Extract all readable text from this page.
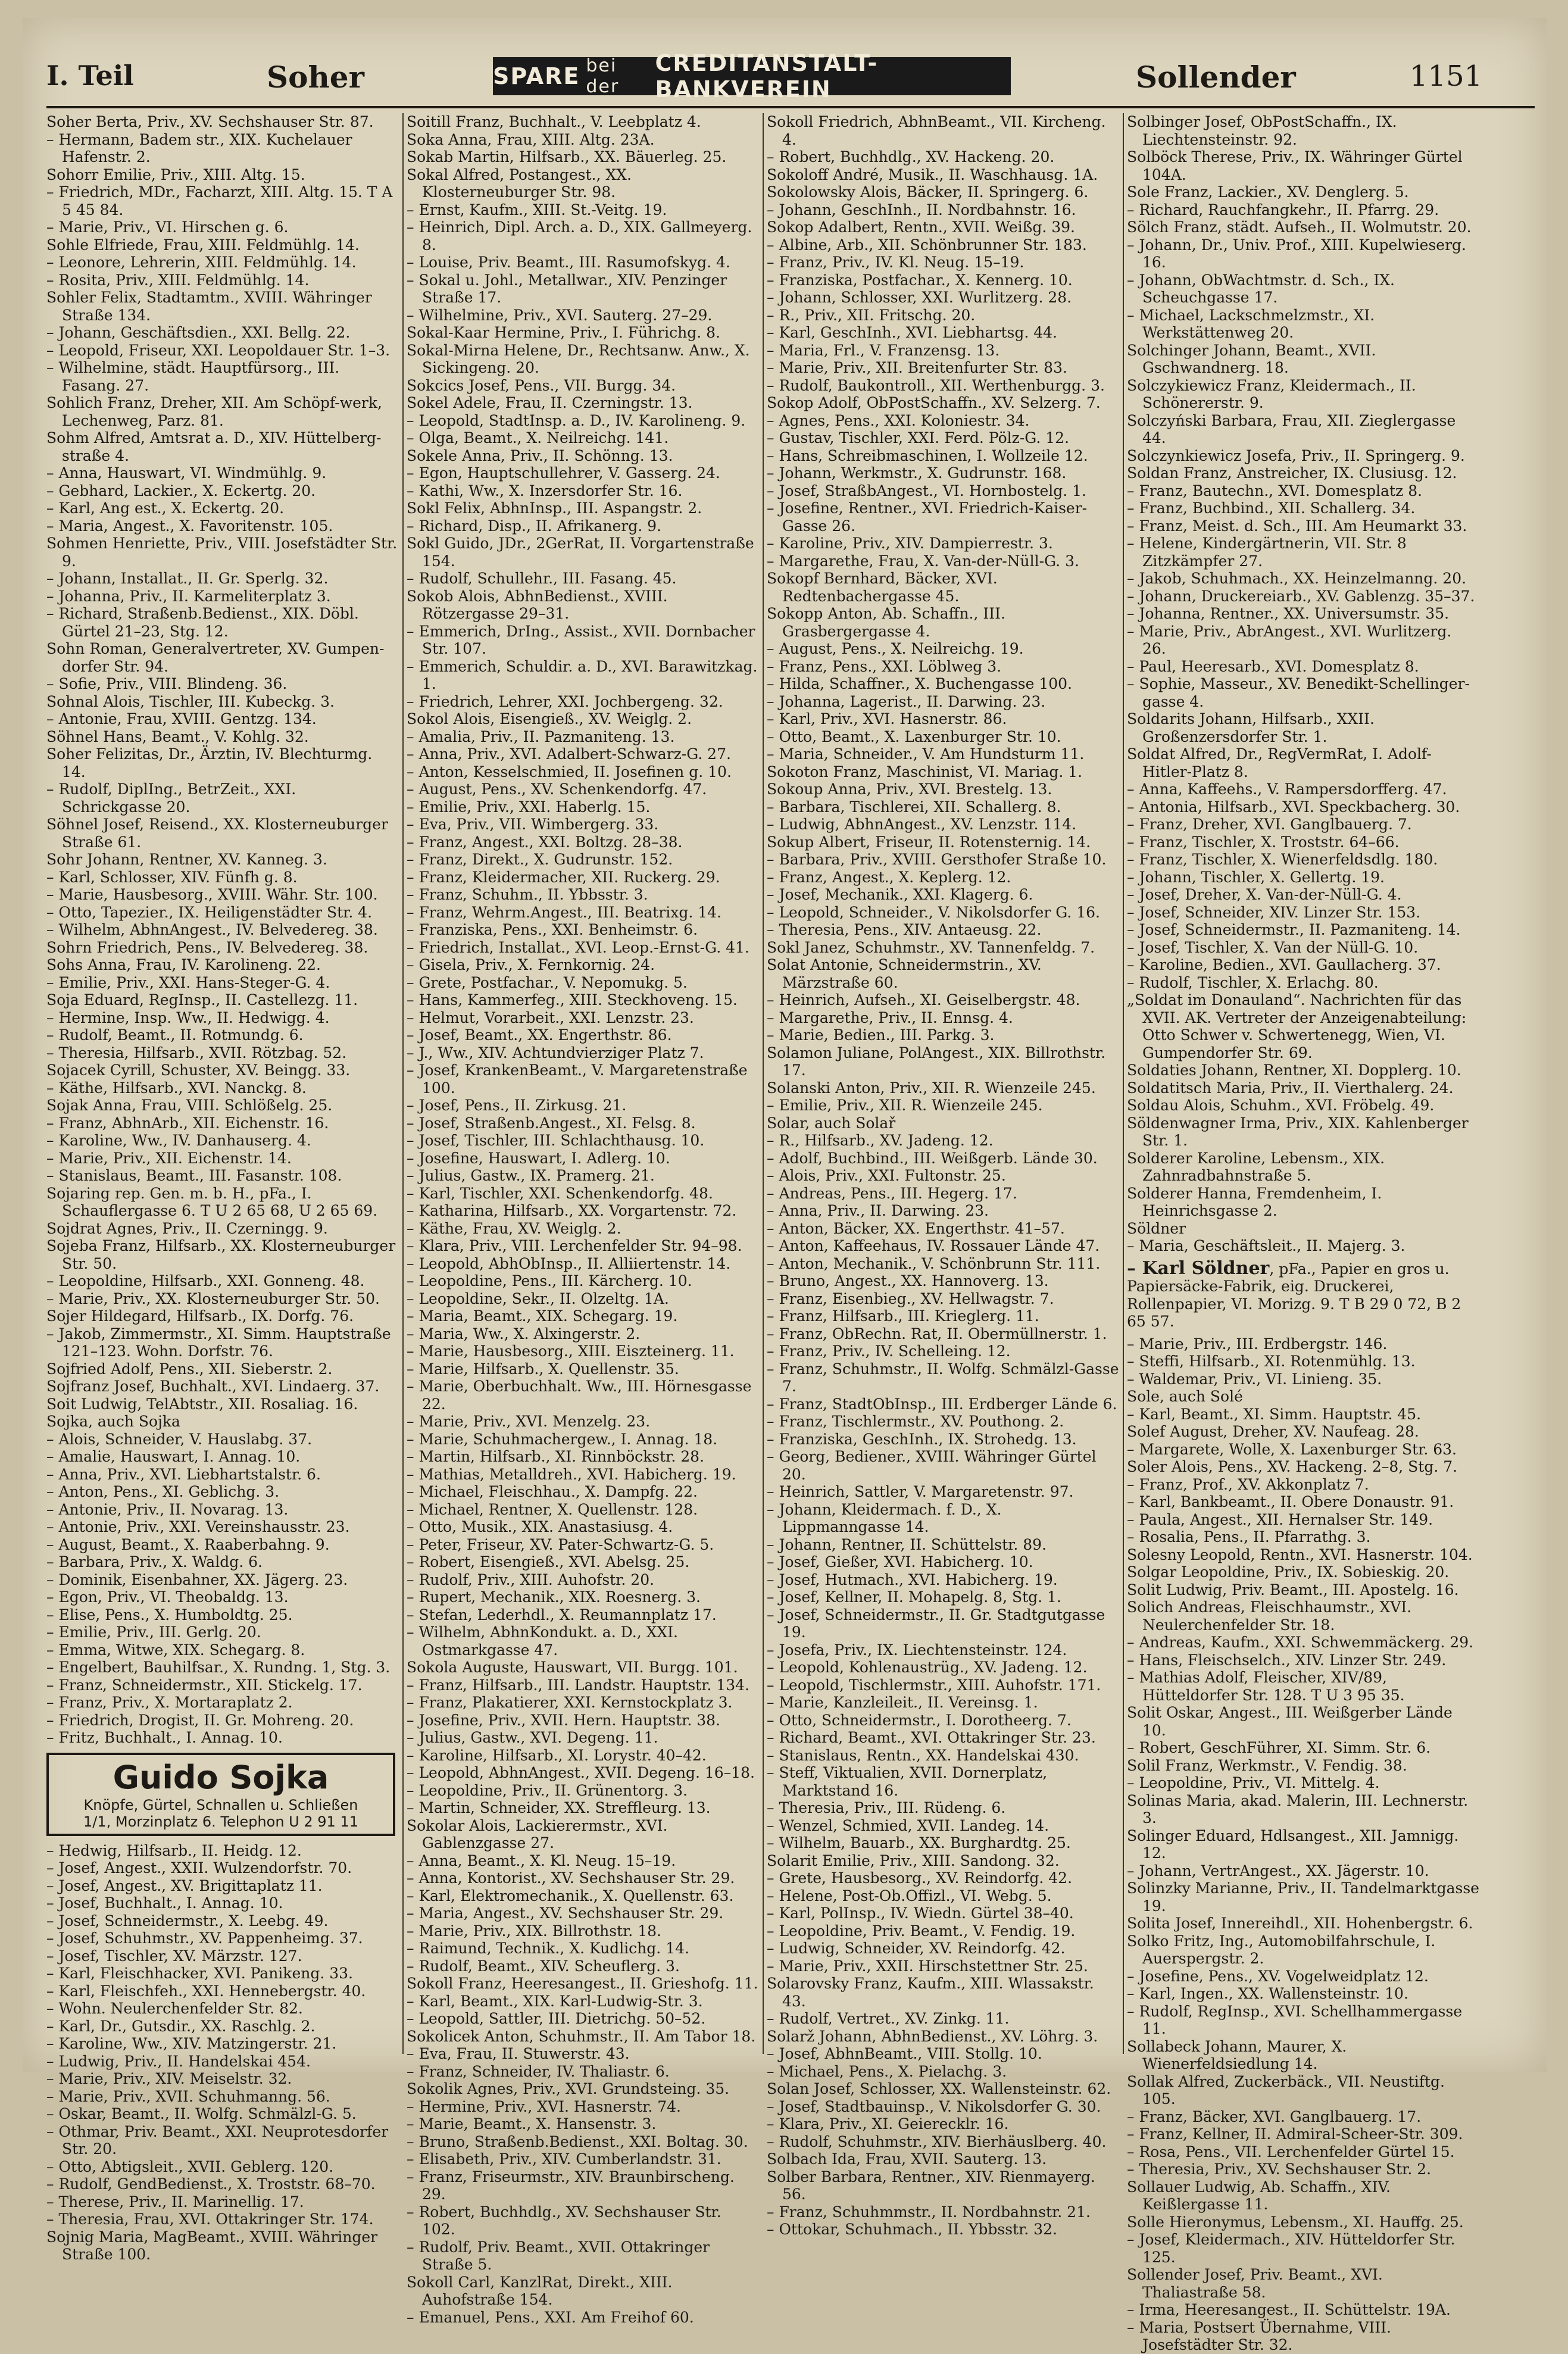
I. Teil	Soher	SPARE bei der
CREDITANSTALT-BANKVEREIN	Sollender	1151

Soher Berta, Priv., XV. Sechshauser Str. 87.

– Hermann, Badem str., XIX. Kuchelauer Hafenstr. 2.

Sohorr Emilie, Priv., XIII. Altg. 15.

– Friedrich, MDr., Facharzt, XIII. Altg. 15. T A 5 45 84.

– Marie, Priv., VI. Hirschen g. 6.

Sohle Elfriede, Frau, XIII. Feldmühlg. 14.

– Leonore, Lehrerin, XIII. Feldmühlg. 14.

– Rosita, Priv., XIII. Feldmühlg. 14.

Sohler Felix, Stadtamtm., XVIII. Währinger Straße 134.

– Johann, Geschäftsdien., XXI. Bellg. 22.

– Leopold, Friseur, XXI. Leopoldauer Str. 1–3.

– Wilhelmine, städt. Hauptfürsorg., III. Fasang. 27.

Sohlich Franz, Dreher, XII. Am Schöpf-werk, Lechenweg, Parz. 81.

Sohm Alfred, Amtsrat a. D., XIV. Hüttelberg-straße 4.

– Anna, Hauswart, VI. Windmühlg. 9.

– Gebhard, Lackier., X. Eckertg. 20.

– Karl, Ang est., X. Eckertg. 20.

– Maria, Angest., X. Favoritenstr. 105.

Sohmen Henriette, Priv., VIII. Josefstädter Str. 9.

– Johann, Installat., II. Gr. Sperlg. 32.

– Johanna, Priv., II. Karmeliterplatz 3.

– Richard, Straßenb.Bedienst., XIX. Döbl. Gürtel 21–23, Stg. 12.

Sohn Roman, Generalvertreter, XV. Gumpen-dorfer Str. 94.

– Sofie, Priv., VIII. Blindeng. 36.

Sohnal Alois, Tischler, III. Kubeckg. 3.

– Antonie, Frau, XVIII. Gentzg. 134.

Söhnel Hans, Beamt., V. Kohlg. 32.

Soher Felizitas, Dr., Ärztin, IV. Blechturmg. 14.

– Rudolf, DiplIng., BetrZeit., XXI. Schrickgasse 20.

Söhnel Josef, Reisend., XX. Klosterneuburger Straße 61.

Sohr Johann, Rentner, XV. Kanneg. 3.

– Karl, Schlosser, XIV. Fünfh g. 8.

– Marie, Hausbesorg., XVIII. Währ. Str. 100.

– Otto, Tapezier., IX. Heiligenstädter Str. 4.

– Wilhelm, AbhnAngest., IV. Belvedereg. 38.

Sohrn Friedrich, Pens., IV. Belvedereg. 38.

Sohs Anna, Frau, IV. Karolineng. 22.

– Emilie, Priv., XXI. Hans-Steger-G. 4.

Soja Eduard, RegInsp., II. Castellezg. 11.

– Hermine, Insp. Ww., II. Hedwigg. 4.

– Rudolf, Beamt., II. Rotmundg. 6.

– Theresia, Hilfsarb., XVII. Rötzbag. 52.

Sojacek Cyrill, Schuster, XV. Beingg. 33.

– Käthe, Hilfsarb., XVI. Nanckg. 8.

Sojak Anna, Frau, VIII. Schlößelg. 25.

– Franz, AbhnArb., XII. Eichenstr. 16.

– Karoline, Ww., IV. Danhauserg. 4.

– Marie, Priv., XII. Eichenstr. 14.

– Stanislaus, Beamt., III. Fasanstr. 108.

Sojaring rep. Gen. m. b. H., pFa., I. Schauflergasse 6. T U 2 65 68, U 2 65 69.

Sojdrat Agnes, Priv., II. Czerningg. 9.

Sojeba Franz, Hilfsarb., XX. Klosterneuburger Str. 50.

– Leopoldine, Hilfsarb., XXI. Gonneng. 48.

– Marie, Priv., XX. Klosterneuburger Str. 50.

Sojer Hildegard, Hilfsarb., IX. Dorfg. 76.

– Jakob, Zimmermstr., XI. Simm. Hauptstraße 121–123. Wohn. Dorfstr. 76.

Sojfried Adolf, Pens., XII. Sieberstr. 2.

Sojfranz Josef, Buchhalt., XVI. Lindaerg. 37.

Soit Ludwig, TelAbtstr., XII. Rosaliag. 16.

Sojka, auch Sojka

– Alois, Schneider, V. Hauslabg. 37.

– Amalie, Hauswart, I. Annag. 10.

– Anna, Priv., XVI. Liebhartstalstr. 6.

– Anton, Pens., XI. Geblichg. 3.

– Antonie, Priv., II. Novarag. 13.

– Antonie, Priv., XXI. Vereinshausstr. 23.

– August, Beamt., X. Raaberbahng. 9.

– Barbara, Priv., X. Waldg. 6.

– Dominik, Eisenbahner, XX. Jägerg. 23.

– Egon, Priv., VI. Theobaldg. 13.

– Elise, Pens., X. Humboldtg. 25.

– Emilie, Priv., III. Gerlg. 20.

– Emma, Witwe, XIX. Schegarg. 8.

– Engelbert, Bauhilfsar., X. Rundng. 1, Stg. 3.

– Franz, Schneidermstr., XII. Stickelg. 17.

– Franz, Priv., X. Mortaraplatz 2.

– Friedrich, Drogist, II. Gr. Mohreng. 20.

– Fritz, Buchhalt., I. Annag. 10.

Guido Sojka
Knöpfe, Gürtel, Schnallen u. Schließen
1/1, Morzinplatz 6. Telephon U 2 91 11

– Hedwig, Hilfsarb., II. Heidg. 12.

– Josef, Angest., XXII. Wulzendorfstr. 70.

– Josef, Angest., XV. Brigittaplatz 11.

– Josef, Buchhalt., I. Annag. 10.

– Josef, Schneidermstr., X. Leebg. 49.

– Josef, Schuhmstr., XV. Pappenheimg. 37.

– Josef, Tischler, XV. Märzstr. 127.

– Karl, Fleischhacker, XVI. Panikeng. 33.

– Karl, Fleischfeh., XXI. Hennebergstr. 40.

– Wohn. Neulerchenfelder Str. 82.

– Karl, Dr., Gutsdir., XX. Raschlg. 2.

– Karoline, Ww., XIV. Matzingerstr. 21.

– Ludwig, Priv., II. Handelskai 454.

– Marie, Priv., XIV. Meiselstr. 32.

– Marie, Priv., XVII. Schuhmanng. 56.

– Oskar, Beamt., II. Wolfg. Schmälzl-G. 5.

– Othmar, Priv. Beamt., XXI. Neuprotesdorfer Str. 20.

– Otto, Abtigsleit., XVII. Geblerg. 120.

– Rudolf, GendBedienst., X. Troststr. 68–70.

– Therese, Priv., II. Marinellig. 17.

– Theresia, Frau, XVI. Ottakringer Str. 174.

Sojnig Maria, MagBeamt., XVIII. Währinger Straße 100.

Soitill Franz, Buchhalt., V. Leebplatz 4.

Soka Anna, Frau, XIII. Altg. 23A.

Sokab Martin, Hilfsarb., XX. Bäuerleg. 25.

Sokal Alfred, Postangest., XX. Klosterneuburger Str. 98.

– Ernst, Kaufm., XIII. St.-Veitg. 19.

– Heinrich, Dipl. Arch. a. D., XIX. Gallmeyerg. 8.

– Louise, Priv. Beamt., III. Rasumofskyg. 4.

– Sokal u. Johl., Metallwar., XIV. Penzinger Straße 17.

– Wilhelmine, Priv., XVI. Sauterg. 27–29.

Sokal-Kaar Hermine, Priv., I. Führichg. 8.

Sokal-Mirna Helene, Dr., Rechtsanw. Anw., X. Sickingeng. 20.

Sokcics Josef, Pens., VII. Burgg. 34.

Sokel Adele, Frau, II. Czerningstr. 13.

– Leopold, StadtInsp. a. D., IV. Karolineng. 9.

– Olga, Beamt., X. Neilreichg. 141.

Sokele Anna, Priv., II. Schönng. 13.

– Egon, Hauptschullehrer, V. Gasserg. 24.

– Kathi, Ww., X. Inzersdorfer Str. 16.

Sokl Felix, AbhnInsp., III. Aspangstr. 2.

– Richard, Disp., II. Afrikanerg. 9.

Sokl Guido, JDr., 2GerRat, II. Vorgartenstraße 154.

– Rudolf, Schullehr., III. Fasang. 45.

Sokob Alois, AbhnBedienst., XVIII. Rötzergasse 29–31.

– Emmerich, DrIng., Assist., XVII. Dornbacher Str. 107.

– Emmerich, Schuldir. a. D., XVI. Barawitzkag. 1.

– Friedrich, Lehrer, XXI. Jochbergeng. 32.

Sokol Alois, Eisengieß., XV. Weiglg. 2.

– Amalia, Priv., II. Pazmaniteng. 13.

– Anna, Priv., XVI. Adalbert-Schwarz-G. 27.

– Anton, Kesselschmied, II. Josefinen g. 10.

– August, Pens., XV. Schenkendorfg. 47.

– Emilie, Priv., XXI. Haberlg. 15.

– Eva, Priv., VII. Wimbergerg. 33.

– Franz, Angest., XXI. Boltzg. 28–38.

– Franz, Direkt., X. Gudrunstr. 152.

– Franz, Kleidermacher, XII. Ruckerg. 29.

– Franz, Schuhm., II. Ybbsstr. 3.

– Franz, Wehrm.Angest., III. Beatrixg. 14.

– Franziska, Pens., XXI. Benheimstr. 6.

– Friedrich, Installat., XVI. Leop.-Ernst-G. 41.

– Gisela, Priv., X. Fernkornig. 24.

– Grete, Postfachar., V. Nepomukg. 5.

– Hans, Kammerfeg., XIII. Steckhoveng. 15.

– Helmut, Vorarbeit., XXI. Lenzstr. 23.

– Josef, Beamt., XX. Engerthstr. 86.

– J., Ww., XIV. Achtundvierziger Platz 7.

– Josef, KrankenBeamt., V. Margaretenstraße 100.

– Josef, Pens., II. Zirkusg. 21.

– Josef, Straßenb.Angest., XI. Felsg. 8.

– Josef, Tischler, III. Schlachthausg. 10.

– Josefine, Hauswart, I. Adlerg. 10.

– Julius, Gastw., IX. Pramerg. 21.

– Karl, Tischler, XXI. Schenkendorfg. 48.

– Katharina, Hilfsarb., XX. Vorgartenstr. 72.

– Käthe, Frau, XV. Weiglg. 2.

– Klara, Priv., VIII. Lerchenfelder Str. 94–98.

– Leopold, AbhObInsp., II. Alliiertenstr. 14.

– Leopoldine, Pens., III. Kärcherg. 10.

– Leopoldine, Sekr., II. Olzeltg. 1A.

– Maria, Beamt., XIX. Schegarg. 19.

– Maria, Ww., X. Alxingerstr. 2.

– Marie, Hausbesorg., XIII. Eiszteinerg. 11.

– Marie, Hilfsarb., X. Quellenstr. 35.

– Marie, Oberbuchhalt. Ww., III. Hörnesgasse 22.

– Marie, Priv., XVI. Menzelg. 23.

– Marie, Schuhmachergew., I. Annag. 18.

– Martin, Hilfsarb., XI. Rinnböckstr. 28.

– Mathias, Metalldreh., XVI. Habicherg. 19.

– Michael, Fleischhau., X. Dampfg. 22.

– Michael, Rentner, X. Quellenstr. 128.

– Otto, Musik., XIX. Anastasiusg. 4.

– Peter, Friseur, XV. Pater-Schwartz-G. 5.

– Robert, Eisengieß., XVI. Abelsg. 25.

– Rudolf, Priv., XIII. Auhofstr. 20.

– Rupert, Mechanik., XIX. Roesnerg. 3.

– Stefan, Lederhdl., X. Reumannplatz 17.

– Wilhelm, AbhnKondukt. a. D., XXI. Ostmarkgasse 47.

Sokola Auguste, Hauswart, VII. Burgg. 101.

– Franz, Hilfsarb., III. Landstr. Hauptstr. 134.

– Franz, Plakatierer, XXI. Kernstockplatz 3.

– Josefine, Priv., XVII. Hern. Hauptstr. 38.

– Julius, Gastw., XVI. Degeng. 11.

– Karoline, Hilfsarb., XI. Lorystr. 40–42.

– Leopold, AbhnAngest., XVII. Degeng. 16–18.

– Leopoldine, Priv., II. Grünentorg. 3.

– Martin, Schneider, XX. Streffleurg. 13.

Sokolar Alois, Lackierermstr., XVI. Gablenzgasse 27.

– Anna, Beamt., X. Kl. Neug. 15–19.

– Anna, Kontorist., XV. Sechshauser Str. 29.

– Karl, Elektromechanik., X. Quellenstr. 63.

– Maria, Angest., XV. Sechshauser Str. 29.

– Marie, Priv., XIX. Billrothstr. 18.

– Raimund, Technik., X. Kudlichg. 14.

– Rudolf, Beamt., XIV. Scheuflerg. 3.

Sokoll Franz, Heeresangest., II. Grieshofg. 11.

– Karl, Beamt., XIX. Karl-Ludwig-Str. 3.

– Leopold, Sattler, III. Dietrichg. 50–52.

Sokolicek Anton, Schuhmstr., II. Am Tabor 18.

– Eva, Frau, II. Stuwerstr. 43.

– Franz, Schneider, IV. Thaliastr. 6.

Sokolik Agnes, Priv., XVI. Grundsteing. 35.

– Hermine, Priv., XVI. Hasnerstr. 74.

– Marie, Beamt., X. Hansenstr. 3.

– Bruno, Straßenb.Bedienst., XXI. Boltag. 30.

– Elisabeth, Priv., XIV. Cumberlandstr. 31.

– Franz, Friseurmstr., XIV. Braunbirscheng. 29.

– Robert, Buchhdlg., XV. Sechshauser Str. 102.

– Rudolf, Priv. Beamt., XVII. Ottakringer Straße 5.

Sokoll Carl, KanzlRat, Direkt., XIII. Auhofstraße 154.

– Emanuel, Pens., XXI. Am Freihof 60.

Sokoll Friedrich, AbhnBeamt., VII. Kircheng. 4.

– Robert, Buchhdlg., XV. Hackeng. 20.

Sokoloff André, Musik., II. Waschhausg. 1A.

Sokolowsky Alois, Bäcker, II. Springerg. 6.

– Johann, GeschInh., II. Nordbahnstr. 16.

Sokop Adalbert, Rentn., XVII. Weißg. 39.

– Albine, Arb., XII. Schönbrunner Str. 183.

– Franz, Priv., IV. Kl. Neug. 15–19.

– Franziska, Postfachar., X. Kennerg. 10.

– Johann, Schlosser, XXI. Wurlitzerg. 28.

– R., Priv., XII. Fritschg. 20.

– Karl, GeschInh., XVI. Liebhartsg. 44.

– Maria, Frl., V. Franzensg. 13.

– Marie, Priv., XII. Breitenfurter Str. 83.

– Rudolf, Baukontroll., XII. Werthenburgg. 3.

Sokop Adolf, ObPostSchaffn., XV. Selzerg. 7.

– Agnes, Pens., XXI. Koloniestr. 34.

– Gustav, Tischler, XXI. Ferd. Pölz-G. 12.

– Hans, Schreibmaschinen, I. Wollzeile 12.

– Johann, Werkmstr., X. Gudrunstr. 168.

– Josef, StraßbAngest., VI. Hornbostelg. 1.

– Josefine, Rentner., XVI. Friedrich-Kaiser-Gasse 26.

– Karoline, Priv., XIV. Dampierrestr. 3.

– Margarethe, Frau, X. Van-der-Nüll-G. 3.

Sokopf Bernhard, Bäcker, XVI. Redtenbachergasse 45.

Sokopp Anton, Ab. Schaffn., III. Grasbergergasse 4.

– August, Pens., X. Neilreichg. 19.

– Franz, Pens., XXI. Löblweg 3.

– Hilda, Schaffner., X. Buchengasse 100.

– Johanna, Lagerist., II. Darwing. 23.

– Karl, Priv., XVI. Hasnerstr. 86.

– Otto, Beamt., X. Laxenburger Str. 10.

– Maria, Schneider., V. Am Hundsturm 11.

Sokoton Franz, Maschinist, VI. Mariag. 1.

Sokoup Anna, Priv., XVI. Brestelg. 13.

– Barbara, Tischlerei, XII. Schallerg. 8.

– Ludwig, AbhnAngest., XV. Lenzstr. 114.

Sokup Albert, Friseur, II. Rotensternig. 14.

– Barbara, Priv., XVIII. Gersthofer Straße 10.

– Franz, Angest., X. Keplerg. 12.

– Josef, Mechanik., XXI. Klagerg. 6.

– Leopold, Schneider., V. Nikolsdorfer G. 16.

– Theresia, Pens., XIV. Antaeusg. 22.

Sokl Janez, Schuhmstr., XV. Tannenfeldg. 7.

Solat Antonie, Schneidermstrin., XV. Märzstraße 60.

– Heinrich, Aufseh., XI. Geiselbergstr. 48.

– Margarethe, Priv., II. Ennsg. 4.

– Marie, Bedien., III. Parkg. 3.

Solamon Juliane, PolAngest., XIX. Billrothstr. 17.

Solanski Anton, Priv., XII. R. Wienzeile 245.

– Emilie, Priv., XII. R. Wienzeile 245.

Solar, auch Solař

– R., Hilfsarb., XV. Jadeng. 12.

– Adolf, Buchbind., III. Weißgerb. Lände 30.

– Alois, Priv., XXI. Fultonstr. 25.

– Andreas, Pens., III. Hegerg. 17.

– Anna, Priv., II. Darwing. 23.

– Anton, Bäcker, XX. Engerthstr. 41–57.

– Anton, Kaffeehaus, IV. Rossauer Lände 47.

– Anton, Mechanik., V. Schönbrunn Str. 111.

– Bruno, Angest., XX. Hannoverg. 13.

– Franz, Eisenbieg., XV. Hellwagstr. 7.

– Franz, Hilfsarb., III. Krieglerg. 11.

– Franz, ObRechn. Rat, II. Obermüllnerstr. 1.

– Franz, Priv., IV. Schelleing. 12.

– Franz, Schuhmstr., II. Wolfg. Schmälzl-Gasse 7.

– Franz, StadtObInsp., III. Erdberger Lände 6.

– Franz, Tischlermstr., XV. Pouthong. 2.

– Franziska, GeschInh., IX. Strohedg. 13.

– Georg, Bediener., XVIII. Währinger Gürtel 20.

– Heinrich, Sattler, V. Margaretenstr. 97.

– Johann, Kleidermach. f. D., X. Lippmanngasse 14.

– Johann, Rentner, II. Schüttelstr. 89.

– Josef, Gießer, XVI. Habicherg. 10.

– Josef, Hutmach., XVI. Habicherg. 19.

– Josef, Kellner, II. Mohapelg. 8, Stg. 1.

– Josef, Schneidermstr., II. Gr. Stadtgutgasse 19.

– Josefa, Priv., IX. Liechtensteinstr. 124.

– Leopold, Kohlenaustrüg., XV. Jadeng. 12.

– Leopold, Tischlermstr., XIII. Auhofstr. 171.

– Marie, Kanzleileit., II. Vereinsg. 1.

– Otto, Schneidermstr., I. Dorotheerg. 7.

– Richard, Beamt., XVI. Ottakringer Str. 23.

– Stanislaus, Rentn., XX. Handelskai 430.

– Steff, Viktualien, XVII. Dornerplatz, Marktstand 16.

– Theresia, Priv., III. Rüdeng. 6.

– Wenzel, Schmied, XVII. Landeg. 14.

– Wilhelm, Bauarb., XX. Burghardtg. 25.

Solarit Emilie, Priv., XIII. Sandong. 32.

– Grete, Hausbesorg., XV. Reindorfg. 42.

– Helene, Post-Ob.Offizl., VI. Webg. 5.

– Karl, PolInsp., IV. Wiedn. Gürtel 38–40.

– Leopoldine, Priv. Beamt., V. Fendig. 19.

– Ludwig, Schneider, XV. Reindorfg. 42.

– Marie, Priv., XXII. Hirschstettner Str. 25.

Solarovsky Franz, Kaufm., XIII. Wlassakstr. 43.

– Rudolf, Vertret., XV. Zinkg. 11.

Solarž Johann, AbhnBedienst., XV. Löhrg. 3.

– Josef, AbhnBeamt., VIII. Stollg. 10.

– Michael, Pens., X. Pielachg. 3.

Solan Josef, Schlosser, XX. Wallensteinstr. 62.

– Josef, Stadtbauinsp., V. Nikolsdorfer G. 30.

– Klara, Priv., XI. Geierecklr. 16.

– Rudolf, Schuhmstr., XIV. Bierhäuslberg. 40.

Solbach Ida, Frau, XVII. Sauterg. 13.

Solber Barbara, Rentner., XIV. Rienmayerg. 56.

– Franz, Schuhmmstr., II. Nordbahnstr. 21.

– Ottokar, Schuhmach., II. Ybbsstr. 32.

Solbinger Josef, ObPostSchaffn., IX. Liechtensteinstr. 92.

Solböck Therese, Priv., IX. Währinger Gürtel 104A.

Sole Franz, Lackier., XV. Denglerg. 5.

– Richard, Rauchfangkehr., II. Pfarrg. 29.

Sölch Franz, städt. Aufseh., II. Wolmutstr. 20.

– Johann, Dr., Univ. Prof., XIII. Kupelwieserg. 16.

– Johann, ObWachtmstr. d. Sch., IX. Scheuchgasse 17.

– Michael, Lackschmelzmstr., XI. Werkstättenweg 20.

Solchinger Johann, Beamt., XVII. Gschwandnerg. 18.

Solczykiewicz Franz, Kleidermach., II. Schönererstr. 9.

Solczyński Barbara, Frau, XII. Zieglergasse 44.

Solczynkiewicz Josefa, Priv., II. Springerg. 9.

Soldan Franz, Anstreicher, IX. Clusiusg. 12.

– Franz, Bautechn., XVI. Domesplatz 8.

– Franz, Buchbind., XII. Schallerg. 34.

– Franz, Meist. d. Sch., III. Am Heumarkt 33.

– Helene, Kindergärtnerin, VII. Str. 8 Zitzkämpfer 27.

– Jakob, Schuhmach., XX. Heinzelmanng. 20.

– Johann, Druckereiarb., XV. Gablenzg. 35–37.

– Johanna, Rentner., XX. Universumstr. 35.

– Marie, Priv., AbrAngest., XVI. Wurlitzerg. 26.

– Paul, Heeresarb., XVI. Domesplatz 8.

– Sophie, Masseur., XV. Benedikt-Schellinger-gasse 4.

Soldarits Johann, Hilfsarb., XXII. Großenzersdorfer Str. 1.

Soldat Alfred, Dr., RegVermRat, I. Adolf-Hitler-Platz 8.

– Anna, Kaffeehs., V. Rampersdorfferg. 47.

– Antonia, Hilfsarb., XVI. Speckbacherg. 30.

– Franz, Dreher, XVI. Ganglbauerg. 7.

– Franz, Tischler, X. Troststr. 64–66.

– Franz, Tischler, X. Wienerfeldsdlg. 180.

– Johann, Tischler, X. Gellertg. 19.

– Josef, Dreher, X. Van-der-Nüll-G. 4.

– Josef, Schneider, XIV. Linzer Str. 153.

– Josef, Schneidermstr., II. Pazmaniteng. 14.

– Josef, Tischler, X. Van der Nüll-G. 10.

– Karoline, Bedien., XVI. Gaullacherg. 37.

– Rudolf, Tischler, X. Erlachg. 80.

„Soldat im Donauland“. Nachrichten für das XVII. AK. Vertreter der Anzeigenabteilung: Otto Schwer v. Schwertenegg, Wien, VI. Gumpendorfer Str. 69.

Soldaties Johann, Rentner, XI. Dopplerg. 10.

Soldatitsch Maria, Priv., II. Vierthalerg. 24.

Soldau Alois, Schuhm., XVI. Fröbelg. 49.

Söldenwagner Irma, Priv., XIX. Kahlenberger Str. 1.

Solderer Karoline, Lebensm., XIX. Zahnradbahnstraße 5.

Solderer Hanna, Fremdenheim, I. Heinrichsgasse 2.

Söldner

– Maria, Geschäftsleit., II. Majerg. 3.

– Karl Söldner, pFa., Papier en gros u. Papiersäcke-Fabrik, eig. Druckerei, Rollenpapier, VI. Morizg. 9. T B 29 0 72, B 2 65 57.

– Marie, Priv., III. Erdbergstr. 146.

– Steffi, Hilfsarb., XI. Rotenmühlg. 13.

– Waldemar, Priv., VI. Linieng. 35.

Sole, auch Solé

– Karl, Beamt., XI. Simm. Hauptstr. 45.

Solef August, Dreher, XV. Naufeag. 28.

– Margarete, Wolle, X. Laxenburger Str. 63.

Soler Alois, Pens., XV. Hackeng. 2–8, Stg. 7.

– Franz, Prof., XV. Akkonplatz 7.

– Karl, Bankbeamt., II. Obere Donaustr. 91.

– Paula, Angest., XII. Hernalser Str. 149.

– Rosalia, Pens., II. Pfarrathg. 3.

Solesny Leopold, Rentn., XVI. Hasnerstr. 104.

Solgar Leopoldine, Priv., IX. Sobieskig. 20.

Solit Ludwig, Priv. Beamt., III. Apostelg. 16.

Solich Andreas, Fleischhaumstr., XVI. Neulerchenfelder Str. 18.

– Andreas, Kaufm., XXI. Schwemmäckerg. 29.

– Hans, Fleischselch., XIV. Linzer Str. 249.

– Mathias Adolf, Fleischer, XIV/89, Hütteldorfer Str. 128. T U 3 95 35.

Solit Oskar, Angest., III. Weißgerber Lände 10.

– Robert, GeschFührer, XI. Simm. Str. 6.

Solil Franz, Werkmstr., V. Fendig. 38.

– Leopoldine, Priv., VI. Mittelg. 4.

Solinas Maria, akad. Malerin, III. Lechnerstr. 3.

Solinger Eduard, Hdlsangest., XII. Jamnigg. 12.

– Johann, VertrAngest., XX. Jägerstr. 10.

Solinzky Marianne, Priv., II. Tandelmarktgasse 19.

Solita Josef, Innereihdl., XII. Hohenbergstr. 6.

Solko Fritz, Ing., Automobilfahrschule, I. Auerspergstr. 2.

– Josefine, Pens., XV. Vogelweidplatz 12.

– Karl, Ingen., XX. Wallensteinstr. 10.

– Rudolf, RegInsp., XVI. Schellhammergasse 11.

Sollabeck Johann, Maurer, X. Wienerfeldsiedlung 14.

Sollak Alfred, Zuckerbäck., VII. Neustiftg. 105.

– Franz, Bäcker, XVI. Ganglbauerg. 17.

– Franz, Kellner, II. Admiral-Scheer-Str. 309.

– Rosa, Pens., VII. Lerchenfelder Gürtel 15.

– Theresia, Priv., XV. Sechshauser Str. 2.

Sollauer Ludwig, Ab. Schaffn., XIV. Keißlergasse 11.

Solle Hieronymus, Lebensm., XI. Hauffg. 25.

– Josef, Kleidermach., XIV. Hütteldorfer Str. 125.

Sollender Josef, Priv. Beamt., XVI. Thaliastraße 58.

– Irma, Heeresangest., II. Schüttelstr. 19A.

– Maria, Postsert Übernahme, VIII. Josefstädter Str. 32.
